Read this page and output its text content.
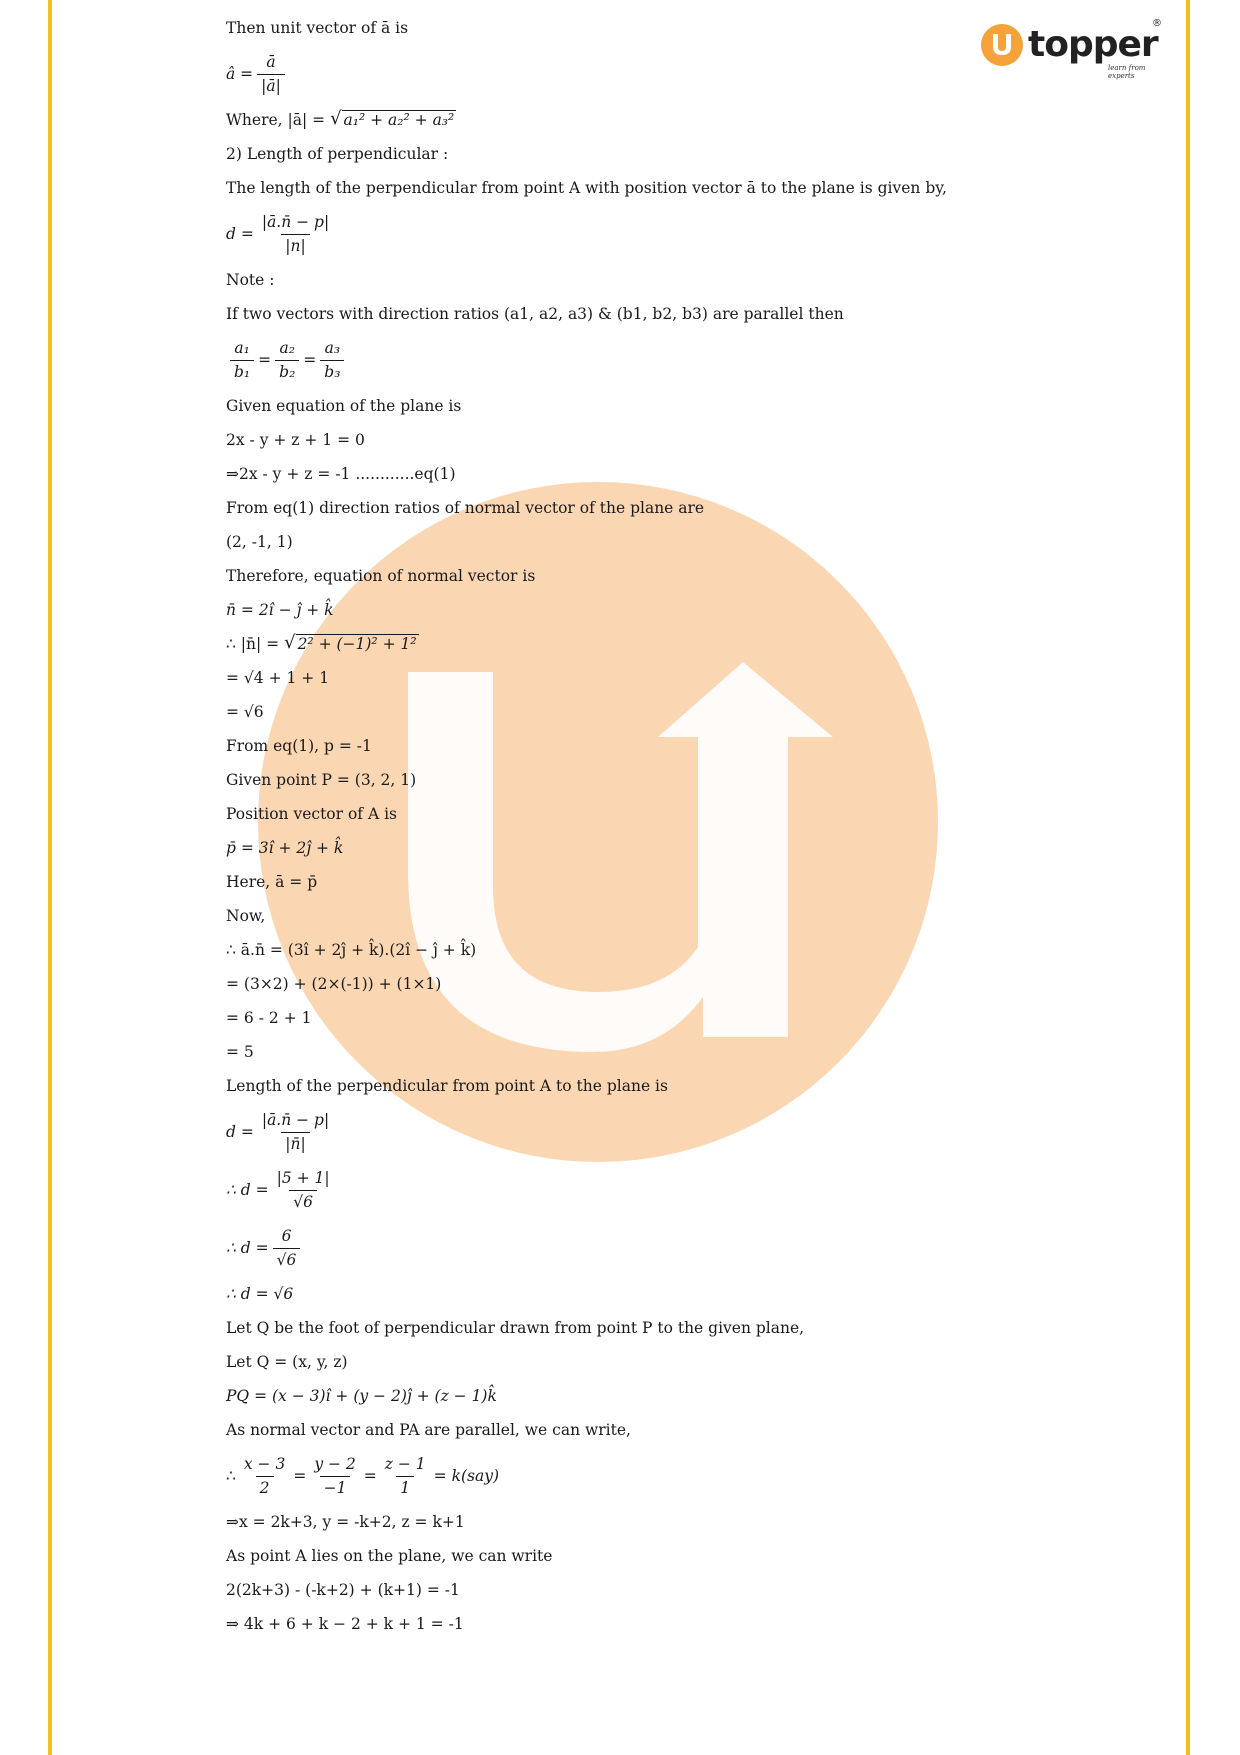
topper
®
learn from experts
Then unit vector of ā is
â = $\frac{ā}{|ā|}$
Where, |ā| =
√ a₁² + a₂² + a₃²
2) Length of perpendicular :
The length of the perpendicular from point A with position vector ā to the plane is given by,
$d = \frac{|ā.n̄ - p|}{|n|}$
Note :
If two vectors with direction ratios (a1, a2, a3) & (b1, b2, b3) are parallel then
$\frac{\text{a₁}}{\text{b₁}} = \frac{\text{a₂}}{\text{b₂}} = \frac{\text{a₃}}{\text{b₃}}$
Given equation of the plane is
2x - y + z + 1 = 0
⇒2x - y + z = -1 ............eq(1)
From eq(1) direction ratios of normal vector of the plane are
(2, -1, 1)
Therefore, equation of normal vector is
n̄ = 2î − ĵ + k̂
∴ |n̄| =
√ 2² + (−1)² + 1²
= √4 + 1 + 1
= √6
From eq(1), p = -1
Given point P = (3, 2, 1)
Position vector of A is
p̄ = 3î + 2ĵ + k̂
Here, ā = p̄
Now,
∴ ā.n̄ = (3î + 2ĵ + k̂).(2î − ĵ + k̂)
= (3×2) + (2×(-1)) + (1×1)
= 6 - 2 + 1
= 5
Length of the perpendicular from point A to the plane is
$d = \frac{|ā.n̄ - p|}{|n̄|}$
∴ $d = \frac{|5 + 1|}{√6}$
∴ $d = \frac{6}{√6}$
∴ d = √6
Let Q be the foot of perpendicular drawn from point P to the given plane,
Let Q = (x, y, z)
PQ = (x − 3)î + (y − 2)ĵ + (z − 1)k̂
As normal vector and PA are parallel, we can write,
∴ $\frac{x - 3}{2} = \frac{y - 2}{-1} = \frac{z - 1}{1} = k(say)$
⇒x = 2k+3, y = -k+2, z = k+1
As point A lies on the plane, we can write
2(2k+3) - (-k+2) + (k+1) = -1
⇒ 4k + 6 + k − 2 + k + 1 = -1
